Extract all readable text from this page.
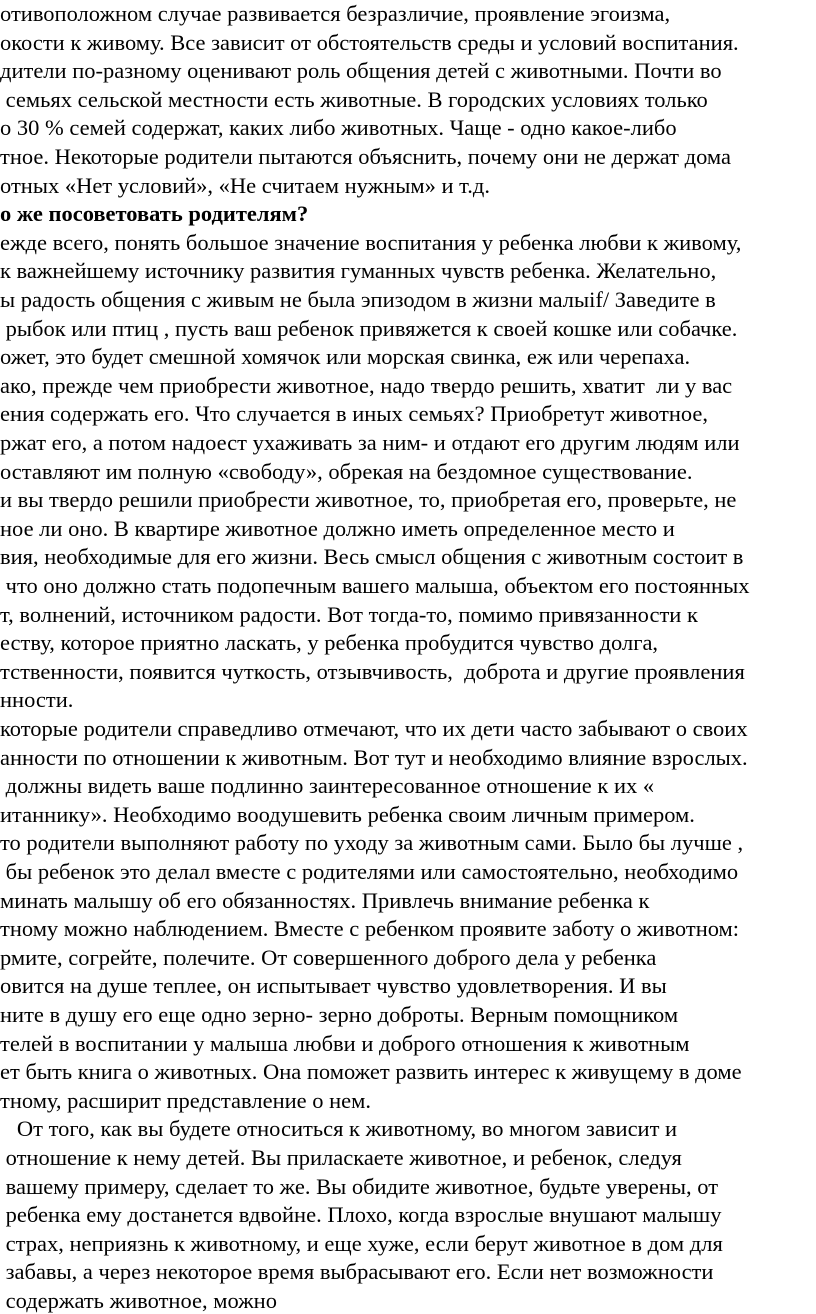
отивоположном случае развивается безразличие, проявление эгоизма,
окости к живому. Все зависит от обстоятельств среды и условий воспитания.
дители по-разному оценивают роль общения детей с животными. Почти во
семьях сельской местности есть животные. В городских условиях только
о 30 % семей содержат, каких либо животных. Чаще - одно какое-либо
тное. Некоторые родители пытаются объяснить, почему они не держат дома
отных «Нет условий», «Не считаем нужным» и т.д.
о же посоветовать родителям?
ежде всего, понять большое значение воспитания у ребенка любви к живому,
к важнейшему источнику развития гуманных чувств ребенка. Желательно,
ы радость общения с живым не была эпизодом в жизни малыif/ Заведите в
рыбок или птиц , пусть ваш ребенок привяжется к своей кошке или собачке.
ожет, это будет смешной хомячок или морская свинка, еж или черепаха.
ако, прежде чем приобрести животное, надо твердо решить, хватит  ли у вас
ения содержать его. Что случается в иных семьях? Приобретут животное,
ржат его, а потом надоест ухаживать за ним- и отдают его другим людям или
оставляют им полную «свободу», обрекая на бездомное существование.
и вы твердо решили приобрести животное, то, приобретая его, проверьте, не
ное ли оно. В квартире животное должно иметь определенное место и
вия, необходимые для его жизни. Весь смысл общения с животным состоит в
что оно должно стать подопечным вашего малыша, объектом его постоянных
т, волнений, источником радости. Вот тогда-то, помимо привязанности к
еству, которое приятно ласкать, у ребенка пробудится чувство долга,
тственности, появится чуткость, отзывчивость,  доброта и другие проявления
нности.
которые родители справедливо отмечают, что их дети часто забывают о своих
анности по отношении к животным. Вот тут и необходимо влияние взрослых.
должны видеть ваше подлинно заинтересованное отношение к их «
итаннику». Необходимо воодушевить ребенка своим личным примером.
то родители выполняют работу по уходу за животным сами. Было бы лучше ,
бы ребенок это делал вместе с родителями или самостоятельно, необходимо
минать малышу об его обязанностях. Привлечь внимание ребенка к
тному можно наблюдением. Вместе с ребенком проявите заботу о животном:
рмите, согрейте, полечите. От совершенного доброго дела у ребенка
овится на душе теплее, он испытывает чувство удовлетворения. И вы
ните в душу его еще одно зерно- зерно доброты. Верным помощником
телей в воспитании у малыша любви и доброго отношения к животным
ет быть книга о животных. Она поможет развить интерес к живущему в доме
тному, расширит представление о нем.
От того, как вы будете относиться к животному, во многом зависит и
отношение к нему детей. Вы приласкаете животное, и ребенок, следуя
вашему примеру, сделает то же. Вы обидите животное, будьте уверены, от
ребенка ему достанется вдвойне. Плохо, когда взрослые внушают малышу
страх, неприязнь к животному, и еще хуже, если берут животное в дом для
забавы, а через некоторое время выбрасывают его. Если нет возможности
содержать животное, можно
